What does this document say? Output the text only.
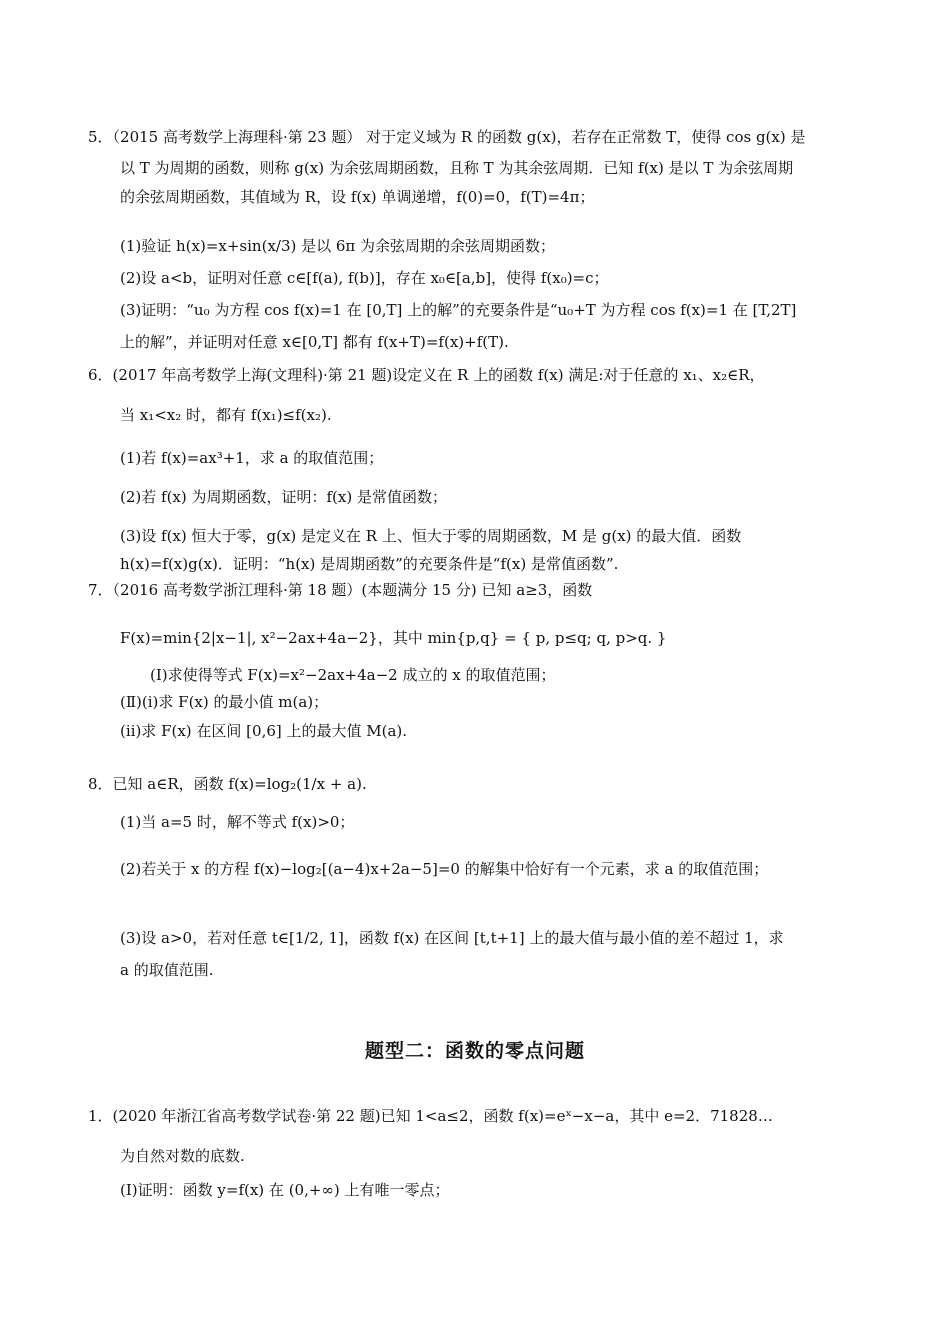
5．（2015 高考数学上海理科·第 23 题） 对于定义域为 R 的函数 g(x)，若存在正常数 T，使得 cos g(x) 是
以 T 为周期的函数，则称 g(x) 为余弦周期函数，且称 T 为其余弦周期．已知 f(x) 是以 T 为余弦周期
的余弦周期函数，其值域为 R，设 f(x) 单调递增，f(0)=0，f(T)=4π；
(1)验证 h(x)=x+sin(x/3) 是以 6π 为余弦周期的余弦周期函数；
(2)设 a<b，证明对任意 c∈[f(a), f(b)]，存在 x₀∈[a,b]，使得 f(x₀)=c；
(3)证明：“u₀ 为方程 cos f(x)=1 在 [0,T] 上的解”的充要条件是“u₀+T 为方程 cos f(x)=1 在 [T,2T]
上的解”，并证明对任意 x∈[0,T] 都有 f(x+T)=f(x)+f(T).
6．(2017 年高考数学上海(文理科)·第 21 题)设定义在 R 上的函数 f(x) 满足:对于任意的 x₁、x₂∈R，
当 x₁<x₂ 时，都有 f(x₁)≤f(x₂).
(1)若 f(x)=ax³+1，求 a 的取值范围；
(2)若 f(x) 为周期函数，证明：f(x) 是常值函数；
(3)设 f(x) 恒大于零，g(x) 是定义在 R 上、恒大于零的周期函数，M 是 g(x) 的最大值．函数
h(x)=f(x)g(x)．证明：“h(x) 是周期函数”的充要条件是“f(x) 是常值函数”.
7．（2016 高考数学浙江理科·第 18 题）(本题满分 15 分) 已知 a≥3，函数
F(x)=min{2|x−1|, x²−2ax+4a−2}，其中 min{p,q} = { p, p≤q; q, p>q. }
(Ⅰ)求使得等式 F(x)=x²−2ax+4a−2 成立的 x 的取值范围；
(Ⅱ)(ⅰ)求 F(x) 的最小值 m(a)；
(ⅱ)求 F(x) 在区间 [0,6] 上的最大值 M(a).
8．已知 a∈R，函数 f(x)=log₂(1/x + a).
(1)当 a=5 时，解不等式 f(x)>0；
(2)若关于 x 的方程 f(x)−log₂[(a−4)x+2a−5]=0 的解集中恰好有一个元素，求 a 的取值范围；
(3)设 a>0，若对任意 t∈[1/2, 1]，函数 f(x) 在区间 [t,t+1] 上的最大值与最小值的差不超过 1，求
a 的取值范围.
题型二：函数的零点问题
1．(2020 年浙江省高考数学试卷·第 22 题)已知 1<a≤2，函数 f(x)=eˣ−x−a，其中 e=2．71828…
为自然对数的底数.
(Ⅰ)证明：函数 y=f(x) 在 (0,+∞) 上有唯一零点；
